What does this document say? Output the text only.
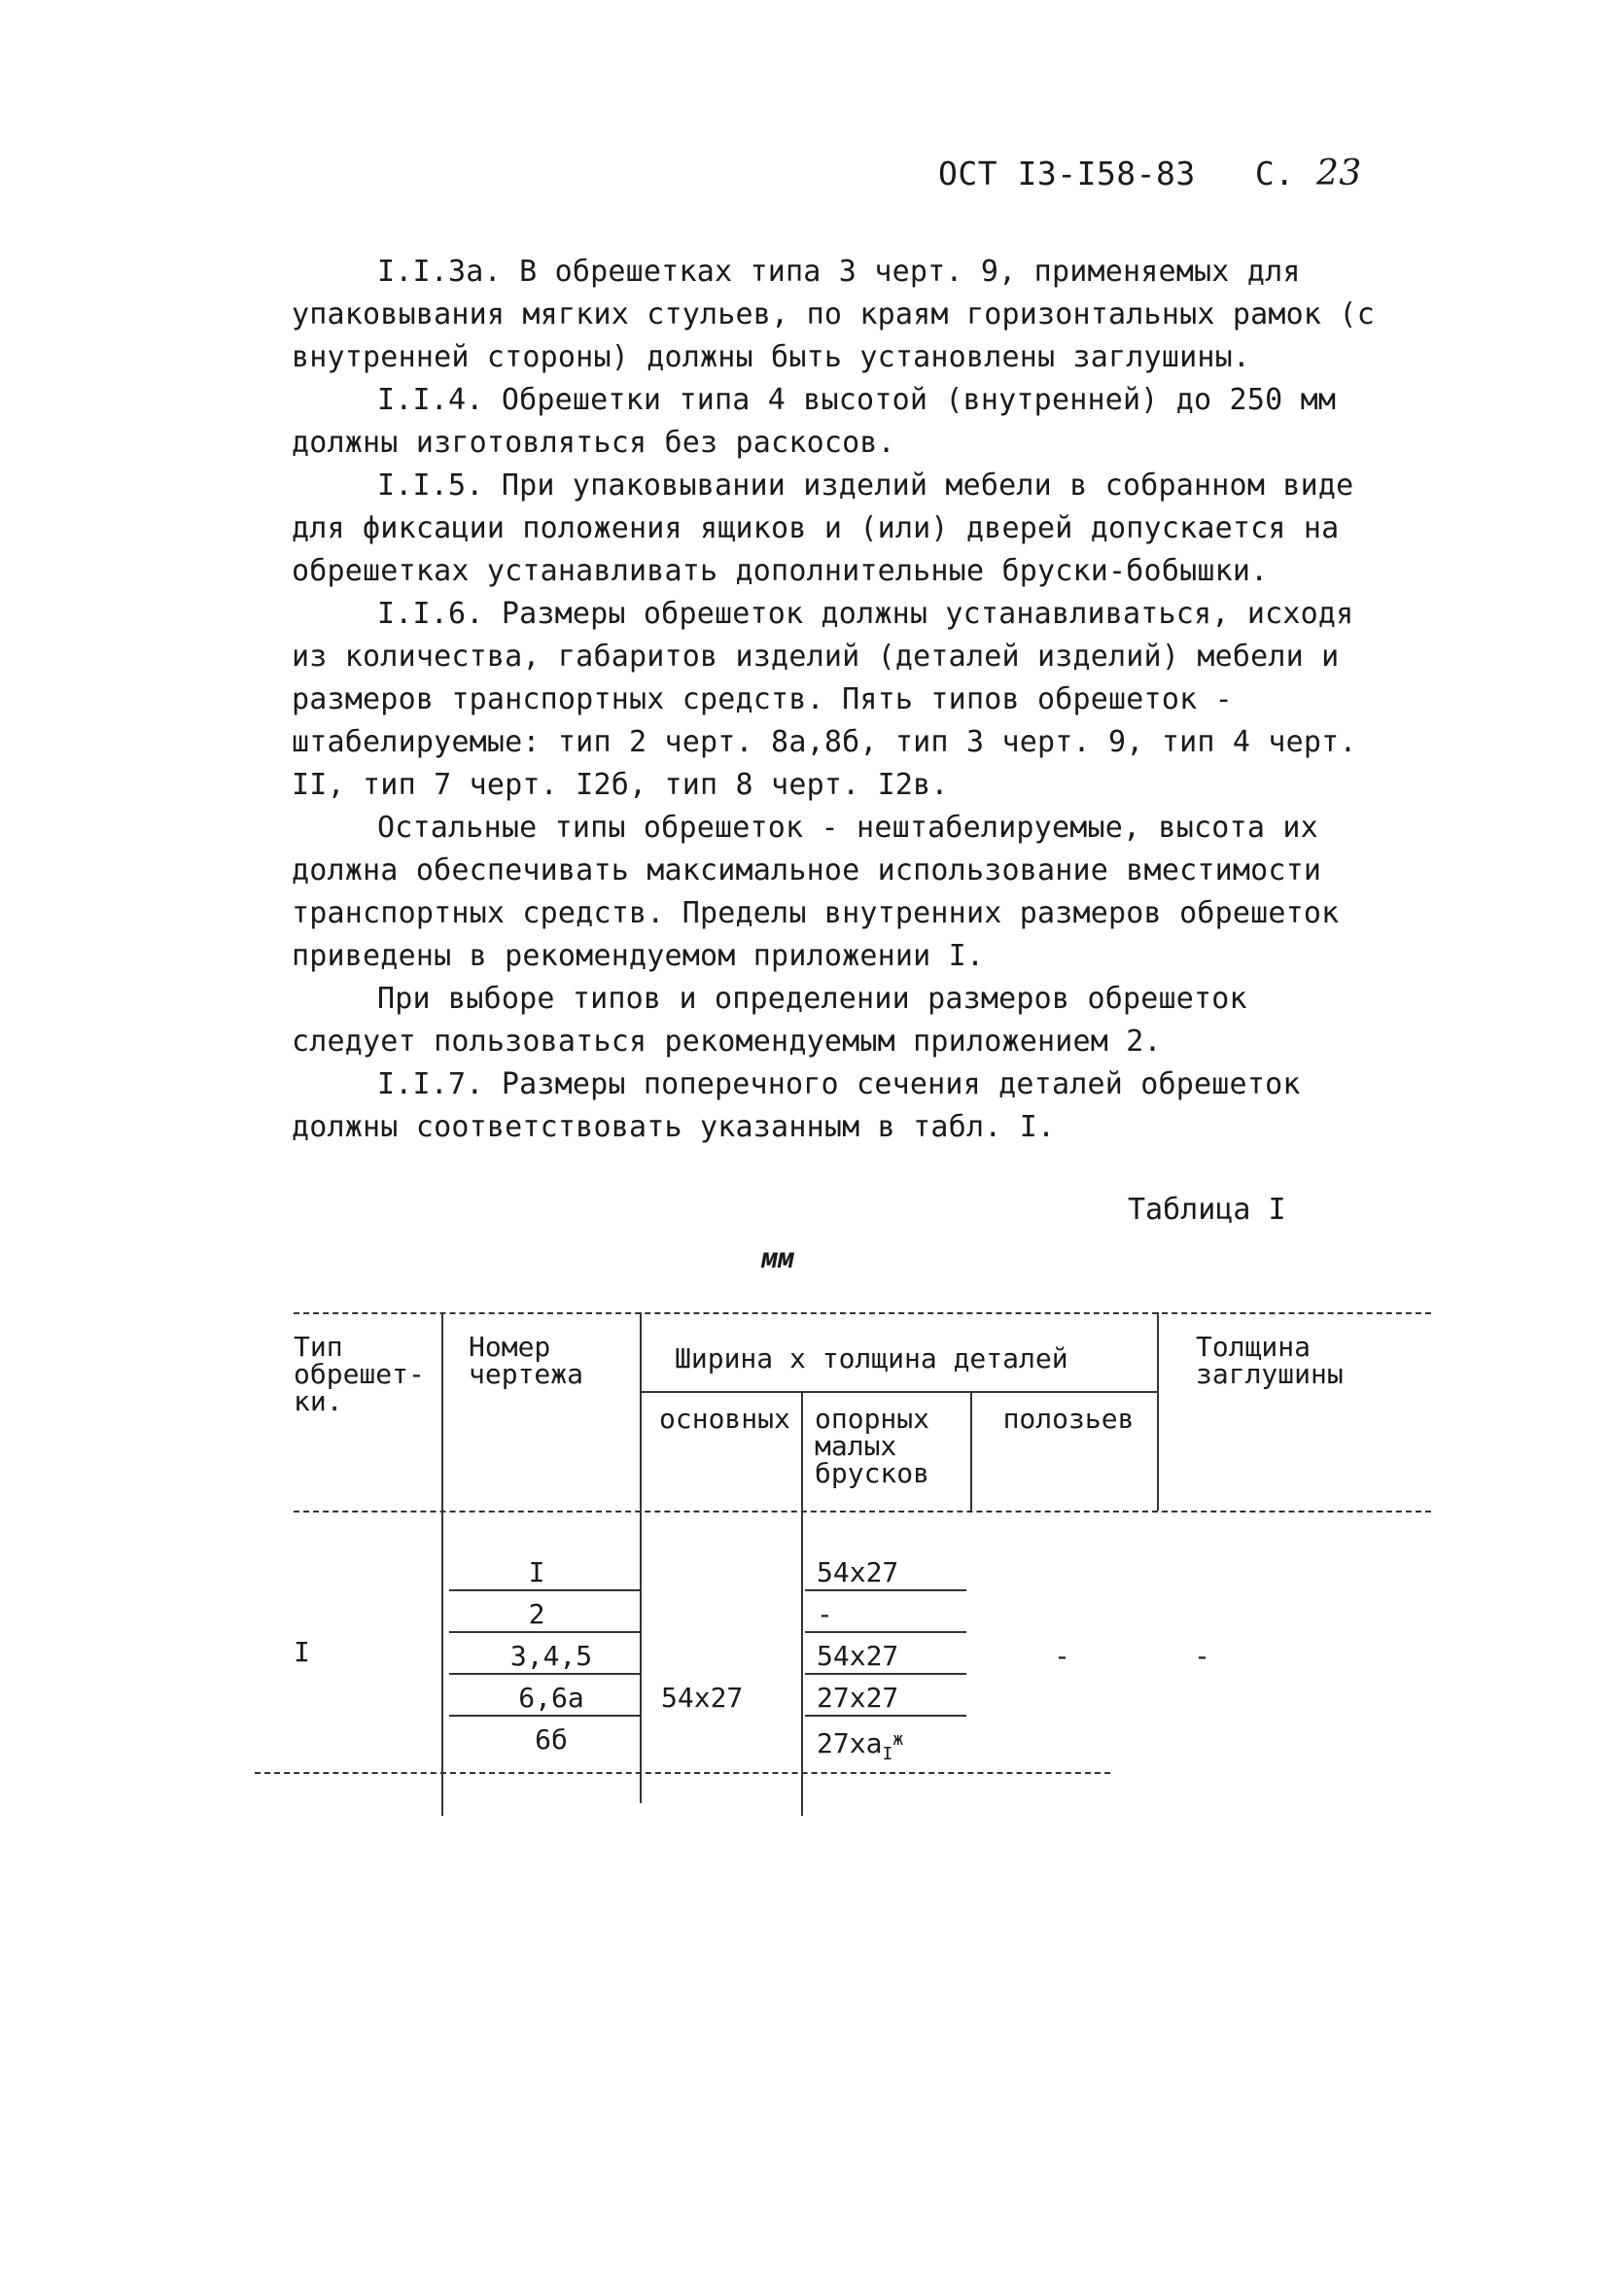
ОСТ I3-I58-83 С. 23

I.I.3а. В обрешетках типа 3 черт. 9, применяемых для упаковывания мягких стульев, по краям горизонтальных рамок (с внутренней стороны) должны быть установлены заглушины.

I.I.4. Обрешетки типа 4 высотой (внутренней) до 250 мм должны изготовляться без раскосов.

I.I.5. При упаковывании изделий мебели в собранном виде для фиксации положения ящиков и (или) дверей допускается на обрешетках устанавливать дополнительные бруски-бобышки.

I.I.6. Размеры обрешеток должны устанавливаться, исходя из количества, габаритов изделий (деталей изделий) мебели и размеров транспортных средств. Пять типов обрешеток - штабелируемые: тип 2 черт. 8а,8б, тип 3 черт. 9, тип 4 черт. II, тип 7 черт. I2б, тип 8 черт. I2в.

Остальные типы обрешеток - нештабелируемые, высота их должна обеспечивать максимальное использование вместимости транспортных средств. Пределы внутренних размеров обрешеток приведены в рекомендуемом приложении I.

При выборе типов и определении размеров обрешеток следует пользоваться рекомендуемым приложением 2.

I.I.7. Размеры поперечного сечения деталей обрешеток должны соответствовать указанным в табл. I.

Таблица I
мм
Тип обрешет- ки.
Номер чертежа	Ширина х толщина деталей
основных опорных малых брусков
полозьев
Толщина заглушины
I
I
2
3,4,5
6,6а
6б
54х27
54х27
-
54х27
27х27
$27ха_I^ж$
-	-
